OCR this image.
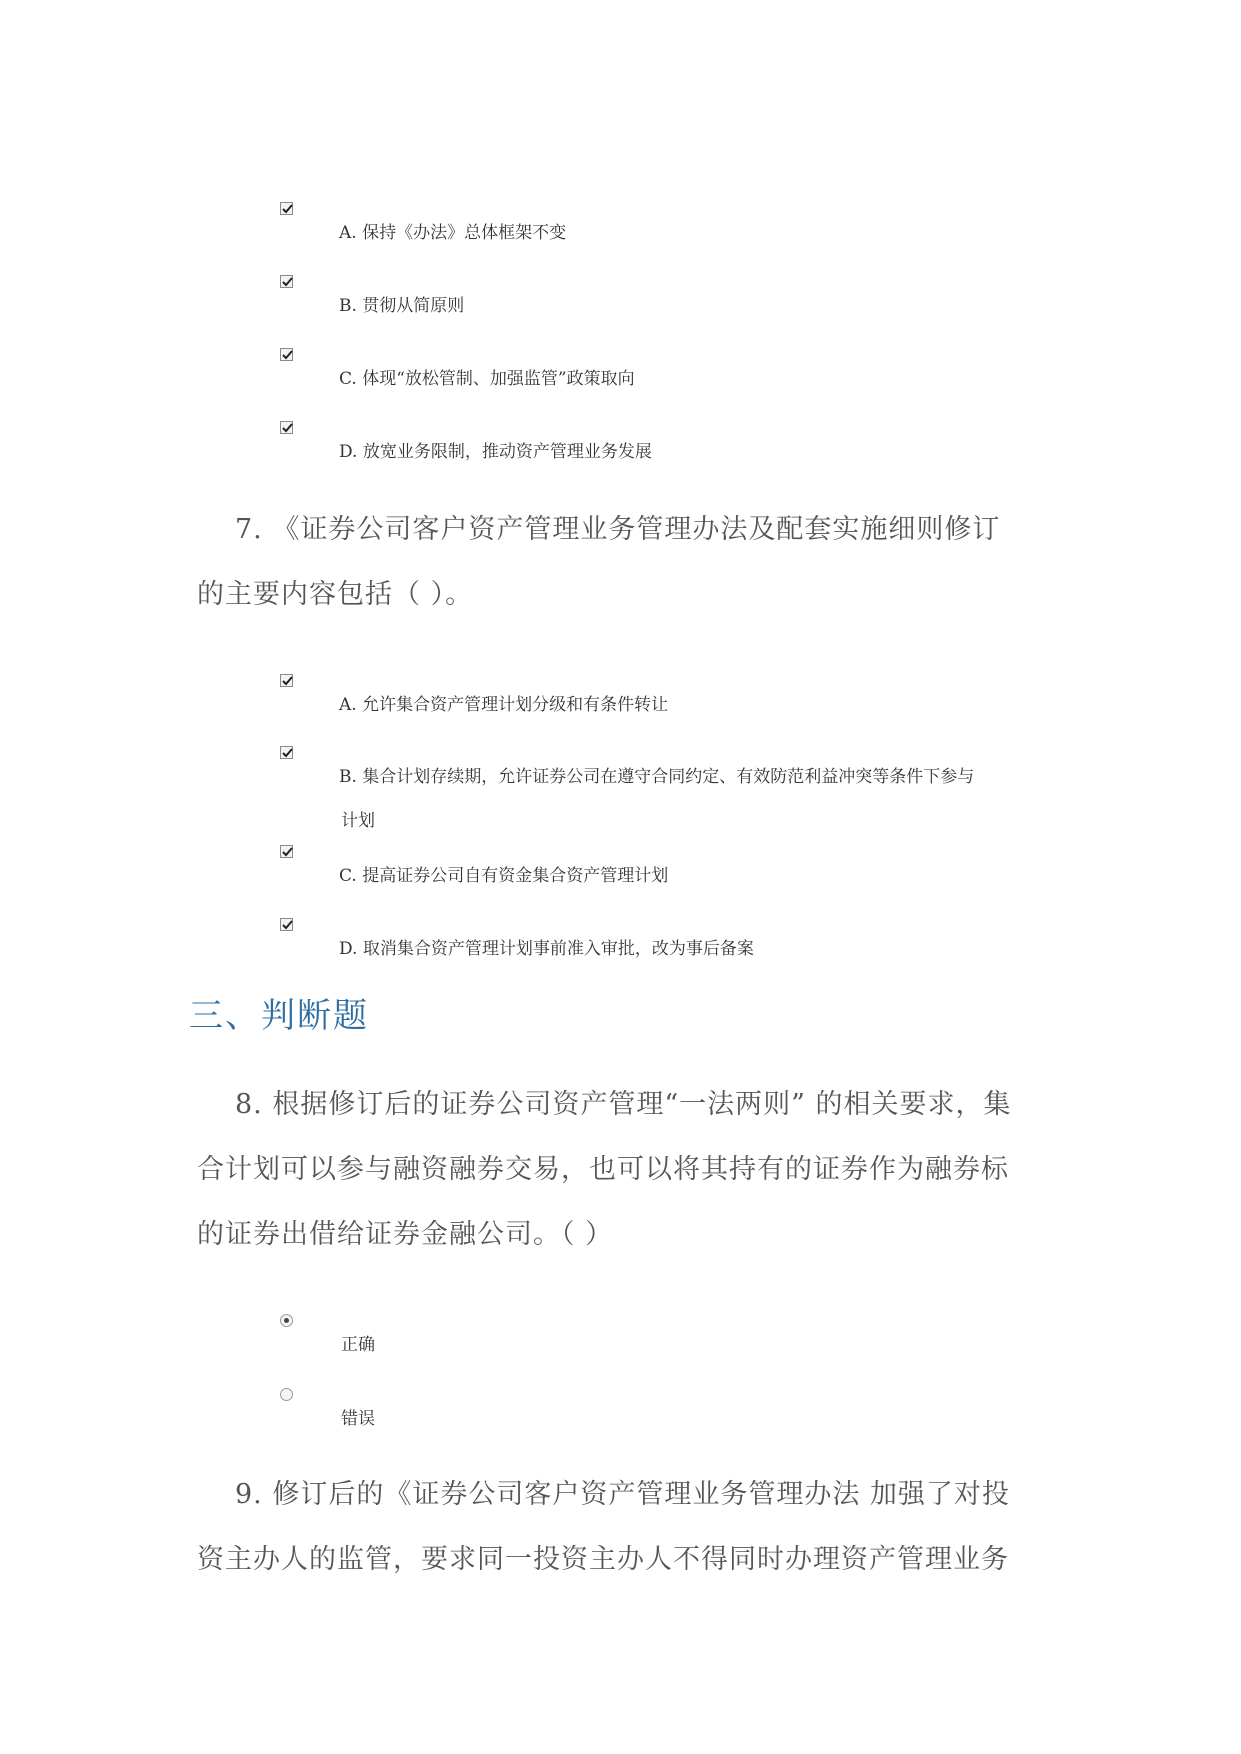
A. 保持《办法》总体框架不变
B. 贯彻从简原则
C. 体现“放松管制、加强监管”政策取向
D. 放宽业务限制，推动资产管理业务发展
7. 《证券公司客户资产管理业务管理办法及配套实施细则修订
的主要内容包括（ ）。
A. 允许集合资产管理计划分级和有条件转让
B. 集合计划存续期，允许证券公司在遵守合同约定、有效防范利益冲突等条件下参与
计划
C. 提高证券公司自有资金集合资产管理计划
D. 取消集合资产管理计划事前准入审批，改为事后备案
三、判断题
8. 根据修订后的证券公司资产管理“一法两则” 的相关要求，集
合计划可以参与融资融券交易，也可以将其持有的证券作为融券标
的证券出借给证券金融公司。（ ）
正确
错误
9. 修订后的《证券公司客户资产管理业务管理办法 加强了对投
资主办人的监管，要求同一投资主办人不得同时办理资产管理业务
